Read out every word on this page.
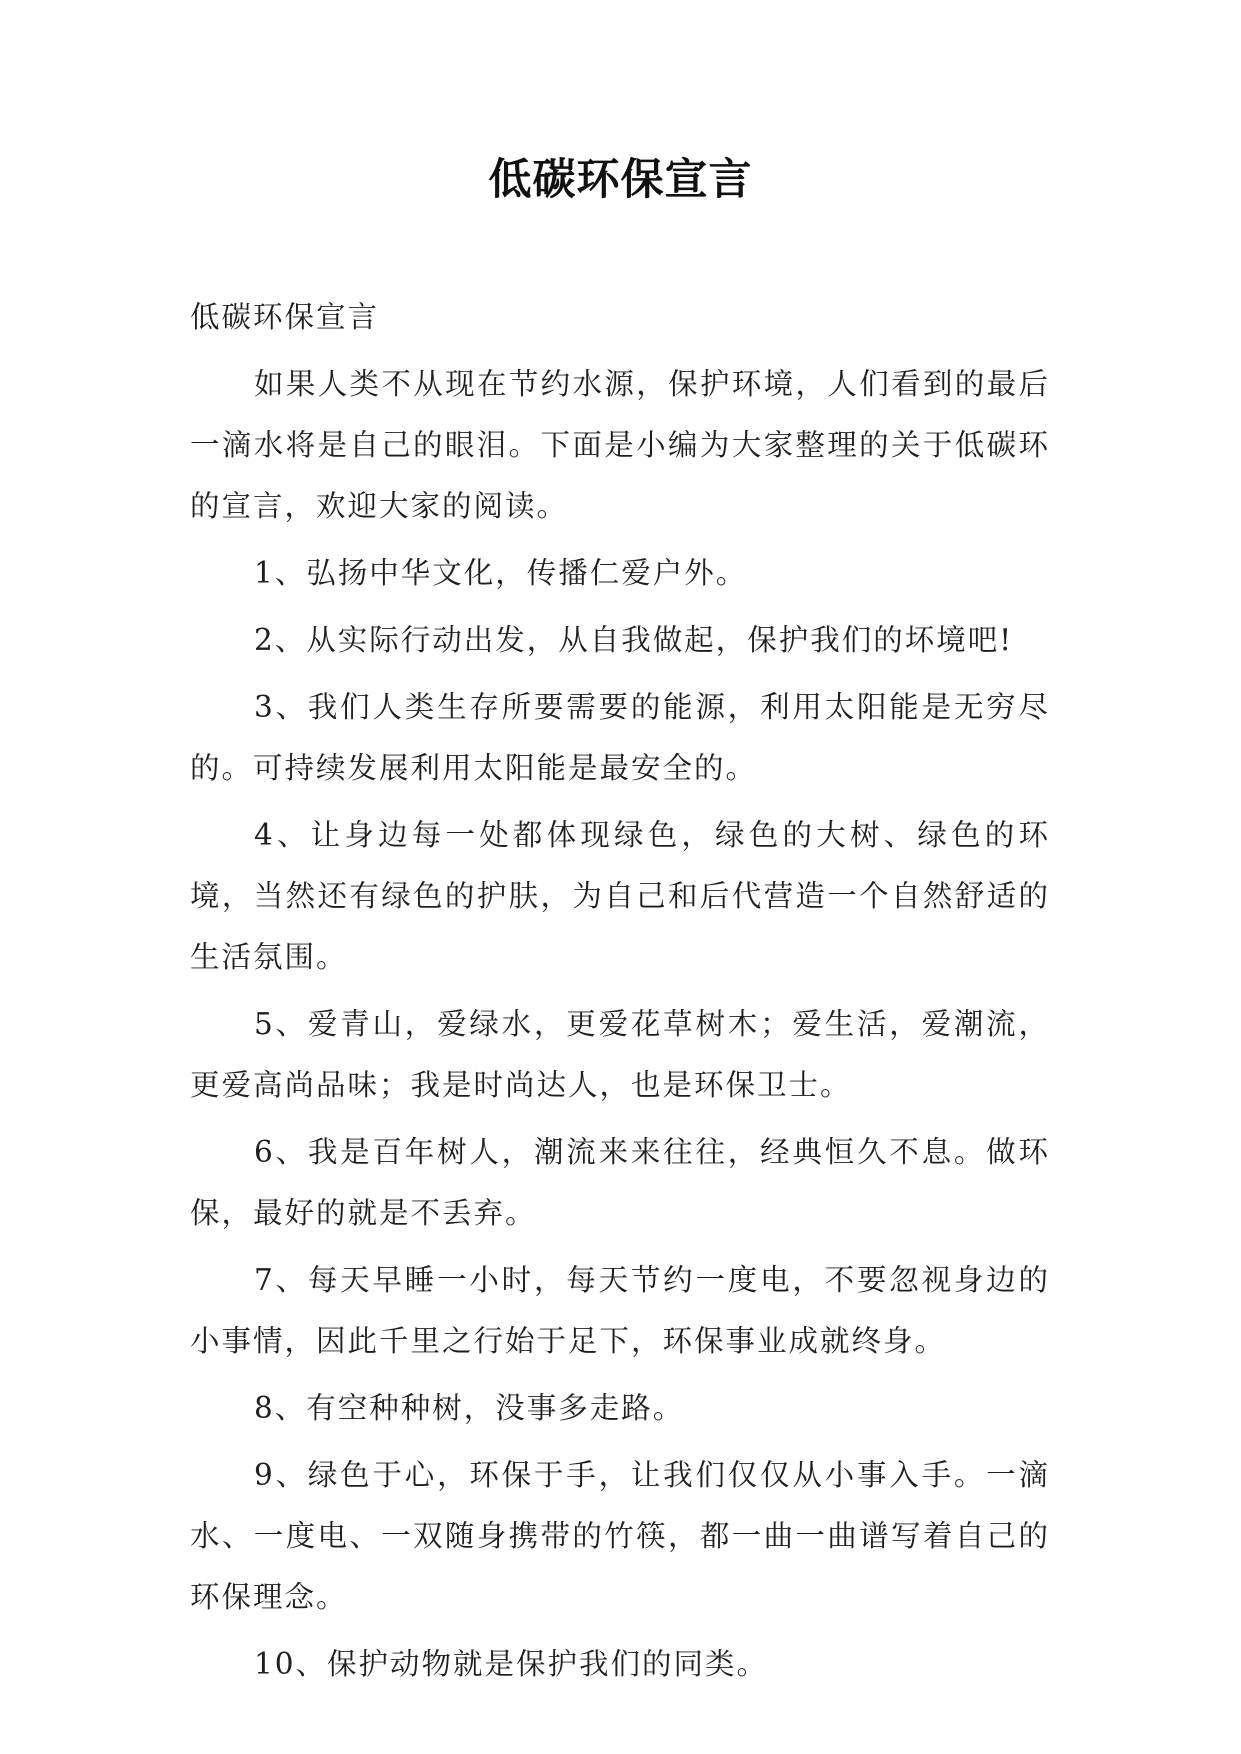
低碳环保宣言

低碳环保宣言

如果人类不从现在节约水源，保护环境，人们看到的最后一滴水将是自己的眼泪。下面是小编为大家整理的关于低碳环的宣言，欢迎大家的阅读。

1、弘扬中华文化，传播仁爱户外。

2、从实际行动出发，从自我做起，保护我们的坏境吧!

3、我们人类生存所要需要的能源，利用太阳能是无穷尽的。可持续发展利用太阳能是最安全的。

4、让身边每一处都体现绿色，绿色的大树、绿色的环境，当然还有绿色的护肤，为自己和后代营造一个自然舒适的生活氛围。

5、爱青山，爱绿水，更爱花草树木；爱生活，爱潮流，更爱高尚品味；我是时尚达人，也是环保卫士。

6、我是百年树人，潮流来来往往，经典恒久不息。做环保，最好的就是不丢弃。

7、每天早睡一小时，每天节约一度电，不要忽视身边的小事情，因此千里之行始于足下，环保事业成就终身。

8、有空种种树，没事多走路。

9、绿色于心，环保于手，让我们仅仅从小事入手。一滴水、一度电、一双随身携带的竹筷，都一曲一曲谱写着自己的环保理念。

10、保护动物就是保护我们的同类。
